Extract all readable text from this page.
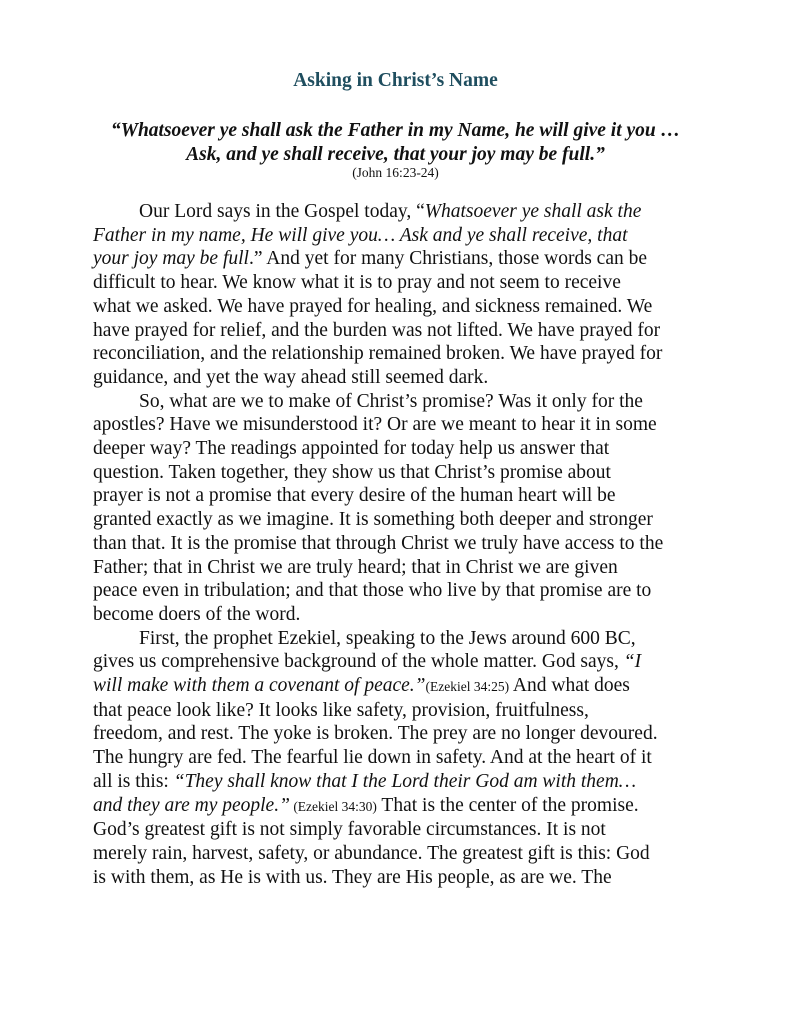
Asking in Christ’s Name

“Whatsoever ye shall ask the Father in my Name, he will give it you …
Ask, and ye shall receive, that your joy may be full.”

(John 16:23-24)

Our Lord says in the Gospel today, “Whatsoever ye shall ask the
Father in my name, He will give you… Ask and ye shall receive, that
your joy may be full.” And yet for many Christians, those words can be
difficult to hear. We know what it is to pray and not seem to receive
what we asked. We have prayed for healing, and sickness remained. We
have prayed for relief, and the burden was not lifted. We have prayed for
reconciliation, and the relationship remained broken. We have prayed for
guidance, and yet the way ahead still seemed dark.
So, what are we to make of Christ’s promise? Was it only for the
apostles? Have we misunderstood it? Or are we meant to hear it in some
deeper way? The readings appointed for today help us answer that
question. Taken together, they show us that Christ’s promise about
prayer is not a promise that every desire of the human heart will be
granted exactly as we imagine. It is something both deeper and stronger
than that. It is the promise that through Christ we truly have access to the
Father; that in Christ we are truly heard; that in Christ we are given
peace even in tribulation; and that those who live by that promise are to
become doers of the word.
First, the prophet Ezekiel, speaking to the Jews around 600 BC,
gives us comprehensive background of the whole matter. God says, “I
will make with them a covenant of peace.”(Ezekiel 34:25) And what does
that peace look like? It looks like safety, provision, fruitfulness,
freedom, and rest. The yoke is broken. The prey are no longer devoured.
The hungry are fed. The fearful lie down in safety. And at the heart of it
all is this: “They shall know that I the Lord their God am with them…
and they are my people.” (Ezekiel 34:30) That is the center of the promise.
God’s greatest gift is not simply favorable circumstances. It is not
merely rain, harvest, safety, or abundance. The greatest gift is this: God
is with them, as He is with us. They are His people, as are we. The
